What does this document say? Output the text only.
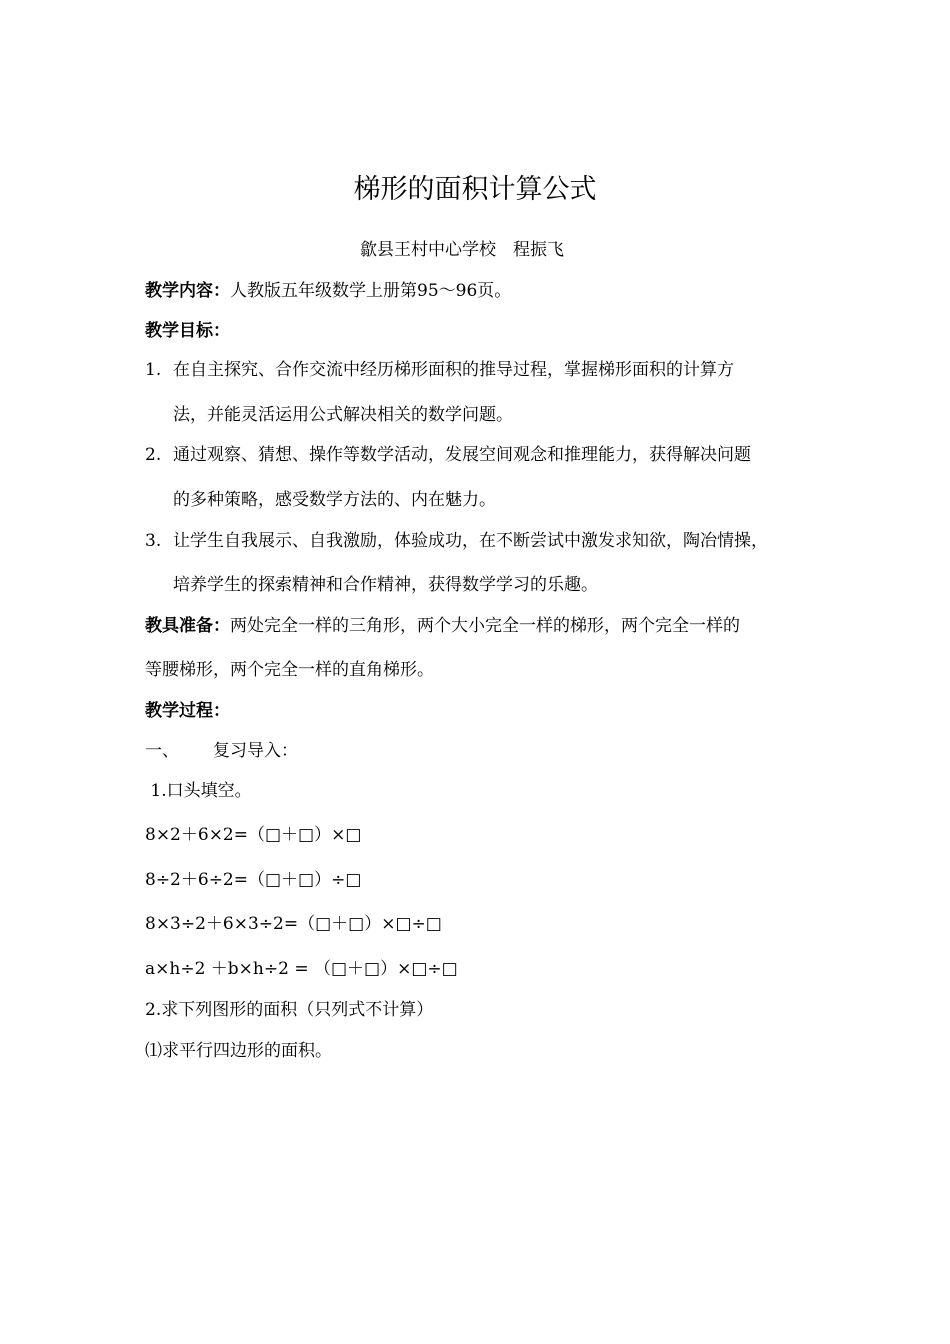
梯形的面积计算公式
歙县王村中心学校　程振飞
教学内容：人教版五年级数学上册第95～96页。
教学目标：
1. 在自主探究、合作交流中经历梯形面积的推导过程，掌握梯形面积的计算方
法，并能灵活运用公式解决相关的数学问题。
2. 通过观察、猜想、操作等数学活动，发展空间观念和推理能力，获得解决问题
的多种策略，感受数学方法的、内在魅力。
3. 让学生自我展示、自我激励，体验成功，在不断尝试中激发求知欲，陶冶情操，
培养学生的探索精神和合作精神，获得数学学习的乐趣。
教具准备：两处完全一样的三角形，两个大小完全一样的梯形，两个完全一样的
等腰梯形，两个完全一样的直角梯形。
教学过程：
一、 复习导入：
1.口头填空。
8×2＋6×2=（□＋□）×□
8÷2＋6÷2=（□＋□）÷□
8×3÷2＋6×3÷2=（□＋□）×□÷□
a×h÷2 ＋b×h÷2 = （□＋□）×□÷□
2.求下列图形的面积（只列式不计算）
⑴求平行四边形的面积。
